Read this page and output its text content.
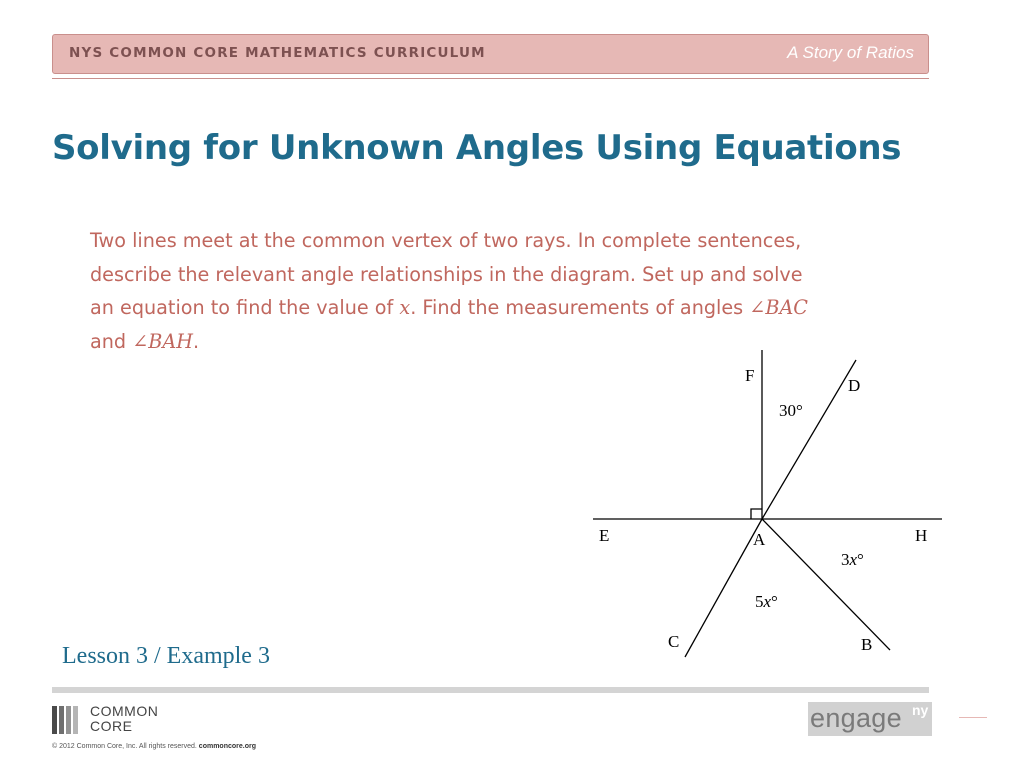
NYS COMMON CORE MATHEMATICS CURRICULUM	A Story of Ratios
Solving for Unknown Angles Using Equations

Two lines meet at the common vertex of two rays. In complete sentences,

describe the relevant angle relationships in the diagram. Set up and solve

an equation to find the value of x. Find the measurements of angles ∠BAC

and ∠BAH.

F
D
E	A	H
C	B
30°
3x°
5x°
Lesson 3 / Example 3
COMMON
CORE
© 2012 Common Core, Inc. All rights reserved. commoncore.org
engage ny
